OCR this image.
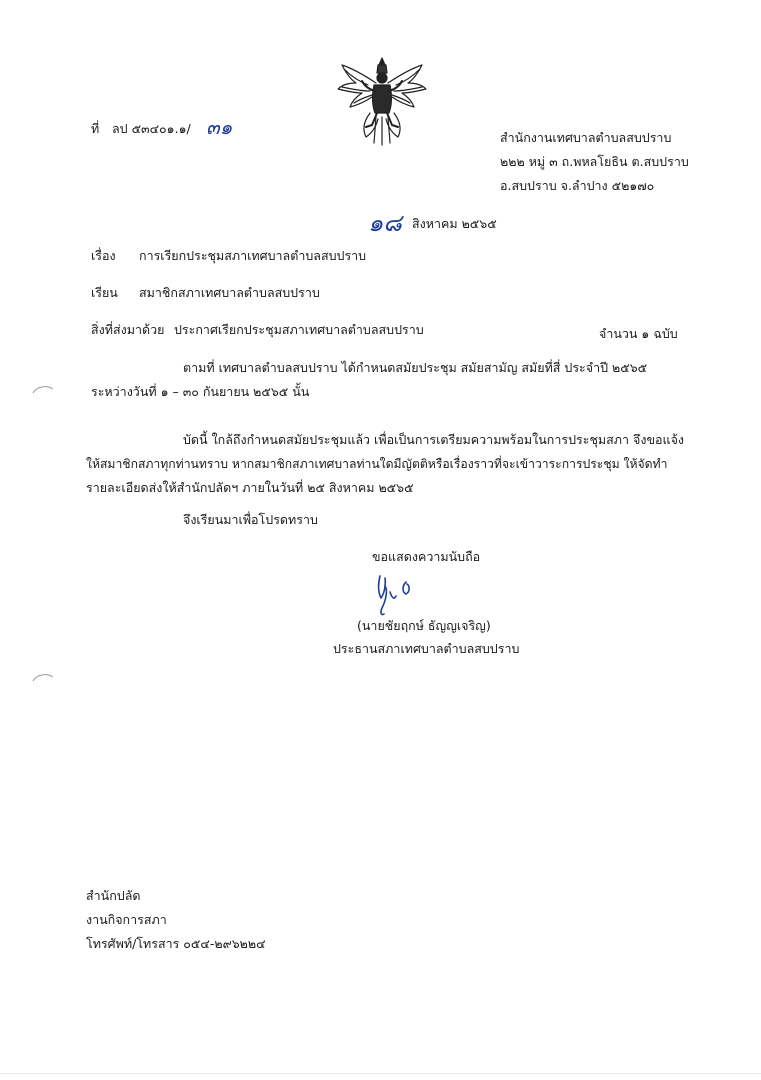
ที่ ลป ๕๓๔๐๑.๑/ ๓๑	สำนักงานเทศบาลตำบลสบปราบ
๒๒๒ หมู่ ๓ ถ.พหลโยธิน ต.สบปราบ
อ.สบปราบ จ.ลำปาง ๕๒๑๗๐
๑๘ สิงหาคม ๒๕๖๕
เรื่อง การเรียกประชุมสภาเทศบาลตำบลสบปราบ
เรียน สมาชิกสภาเทศบาลตำบลสบปราบ
สิ่งที่ส่งมาด้วย ประกาศเรียกประชุมสภาเทศบาลตำบลสบปราบ	จำนวน ๑ ฉบับ
ตามที่ เทศบาลตำบลสบปราบ ได้กำหนดสมัยประชุม สมัยสามัญ สมัยที่สี่ ประจำปี ๒๕๖๕
ระหว่างวันที่ ๑ – ๓๐ กันยายน ๒๕๖๕ นั้น
บัดนี้ ใกล้ถึงกำหนดสมัยประชุมแล้ว เพื่อเป็นการเตรียมความพร้อมในการประชุมสภา จึงขอแจ้ง
ให้สมาชิกสภาทุกท่านทราบ หากสมาชิกสภาเทศบาลท่านใดมีญัตติหรือเรื่องราวที่จะเข้าวาระการประชุม ให้จัดทำ
รายละเอียดส่งให้สำนักปลัดฯ ภายในวันที่ ๒๕ สิงหาคม ๒๕๖๕
จึงเรียนมาเพื่อโปรดทราบ
ขอแสดงความนับถือ
(นายชัยฤกษ์ ธัญญเจริญ)
ประธานสภาเทศบาลตำบลสบปราบ
สำนักปลัด
งานกิจการสภา
โทรศัพท์/โทรสาร ๐๕๔-๒๙๖๒๒๔
